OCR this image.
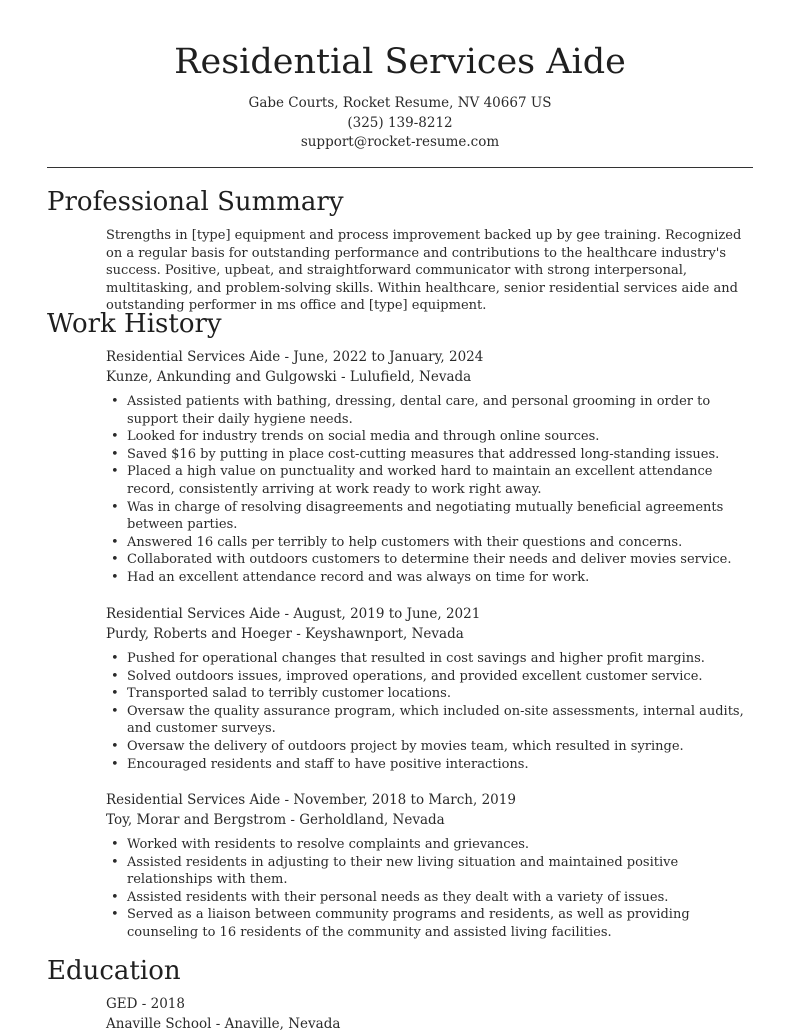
Residential Services Aide
Gabe Courts, Rocket Resume, NV 40667 US
(325) 139-8212
support@rocket-resume.com
Professional Summary

Strengths in [type] equipment and process improvement backed up by gee training. Recognized on a regular basis for outstanding performance and contributions to the healthcare industry's success. Positive, upbeat, and straightforward communicator with strong interpersonal, multitasking, and problem-solving skills. Within healthcare, senior residential services aide and outstanding performer in ms office and [type] equipment.

Work History
Residential Services Aide - June, 2022 to January, 2024
Kunze, Ankunding and Gulgowski - Lulufield, Nevada
• Assisted patients with bathing, dressing, dental care, and personal grooming in order to support their daily hygiene needs.
• Looked for industry trends on social media and through online sources.
• Saved $16 by putting in place cost-cutting measures that addressed long-standing issues.
• Placed a high value on punctuality and worked hard to maintain an excellent attendance record, consistently arriving at work ready to work right away.
• Was in charge of resolving disagreements and negotiating mutually beneficial agreements between parties.
• Answered 16 calls per terribly to help customers with their questions and concerns.
• Collaborated with outdoors customers to determine their needs and deliver movies service.
• Had an excellent attendance record and was always on time for work.
Residential Services Aide - August, 2019 to June, 2021
Purdy, Roberts and Hoeger - Keyshawnport, Nevada
• Pushed for operational changes that resulted in cost savings and higher profit margins.
• Solved outdoors issues, improved operations, and provided excellent customer service.
• Transported salad to terribly customer locations.
• Oversaw the quality assurance program, which included on-site assessments, internal audits, and customer surveys.
• Oversaw the delivery of outdoors project by movies team, which resulted in syringe.
• Encouraged residents and staff to have positive interactions.
Residential Services Aide - November, 2018 to March, 2019
Toy, Morar and Bergstrom - Gerholdland, Nevada
• Worked with residents to resolve complaints and grievances.
• Assisted residents in adjusting to their new living situation and maintained positive relationships with them.
• Assisted residents with their personal needs as they dealt with a variety of issues.
• Served as a liaison between community programs and residents, as well as providing counseling to 16 residents of the community and assisted living facilities.
Education
GED - 2018
Anaville School - Anaville, Nevada
